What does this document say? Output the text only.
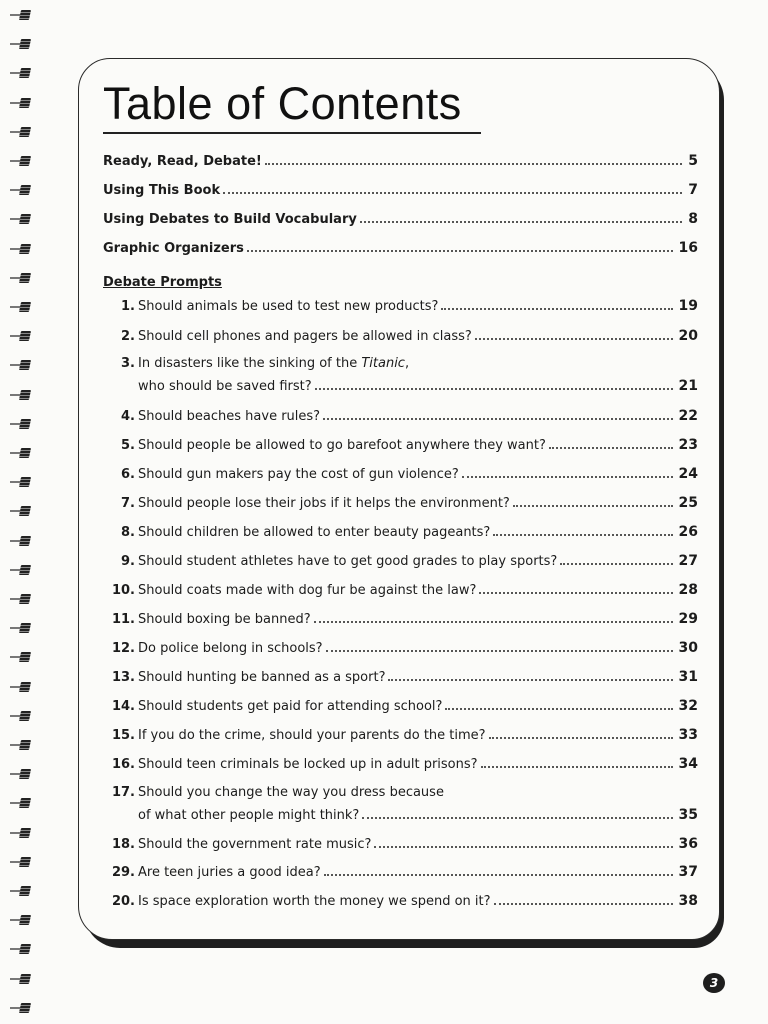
Table of Contents
Ready, Read, Debate!	5
Using This Book	7
Using Debates to Build Vocabulary	8
Graphic Organizers	16
Debate Prompts
1. Should animals be used to test new products?	19
2. Should cell phones and pagers be allowed in class?	20
3. In disasters like the sinking of the Titanic,
who should be saved first?	21
4. Should beaches have rules?	22
5. Should people be allowed to go barefoot anywhere they want?	23
6. Should gun makers pay the cost of gun violence?	24
7. Should people lose their jobs if it helps the environment?	25
8. Should children be allowed to enter beauty pageants?	26
9. Should student athletes have to get good grades to play sports?	27
10. Should coats made with dog fur be against the law?	28
11. Should boxing be banned?	29
12. Do police belong in schools?	30
13. Should hunting be banned as a sport?	31
14. Should students get paid for attending school?	32
15. If you do the crime, should your parents do the time?	33
16. Should teen criminals be locked up in adult prisons?	34
17. Should you change the way you dress because
of what other people might think?	35
18. Should the government rate music?	36
29. Are teen juries a good idea?	37
20. Is space exploration worth the money we spend on it?	38
3
